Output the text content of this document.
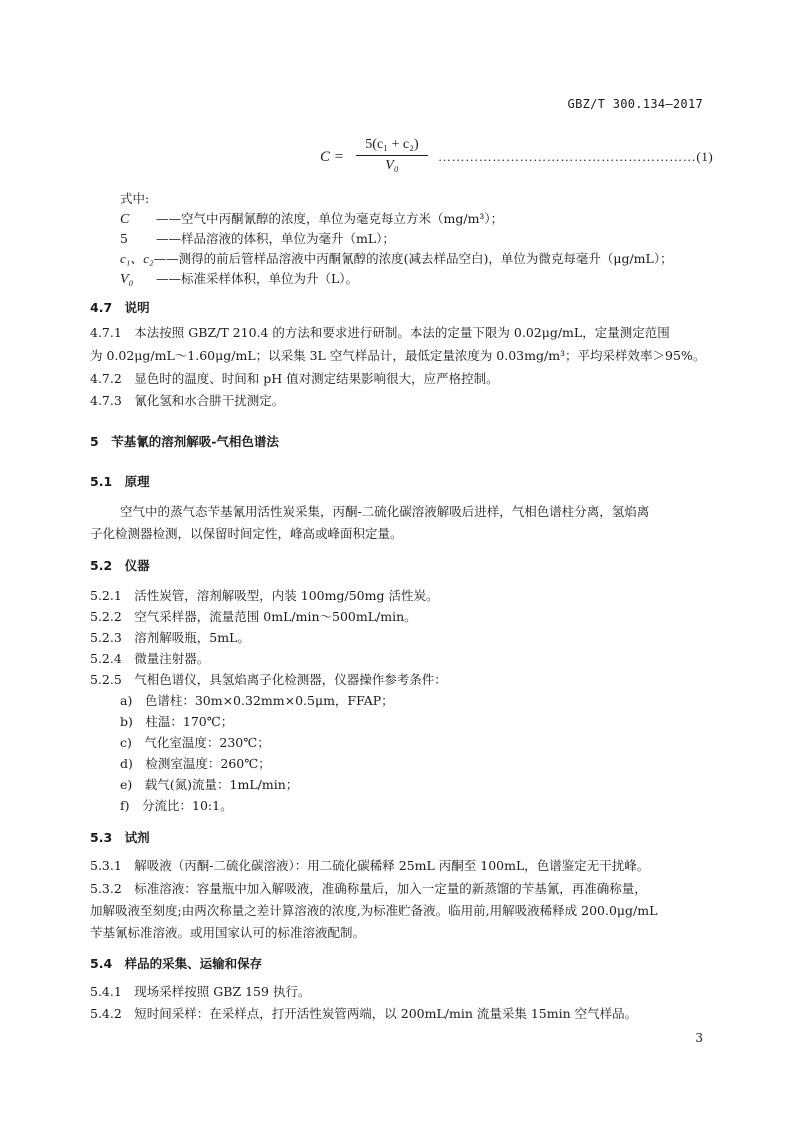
GBZ/T 300.134—2017
C =
5(c₁ + c₂)
V₀
…………………………………………………(1)
式中:
C ——空气中丙酮氰醇的浓度，单位为毫克每立方米（mg/m³）；
5 ——样品溶液的体积，单位为毫升（mL）；
c₁、c₂——测得的前后管样品溶液中丙酮氰醇的浓度(减去样品空白)，单位为微克每毫升（μg/mL）；
V₀ ——标准采样体积，单位为升（L）。
4.7　说明
4.7.1　本法按照 GBZ/T 210.4 的方法和要求进行研制。本法的定量下限为 0.02μg/mL，定量测定范围
为 0.02μg/mL～1.60μg/mL；以采集 3L 空气样品计，最低定量浓度为 0.03mg/m³；平均采样效率＞95%。
4.7.2　显色时的温度、时间和 pH 值对测定结果影响很大，应严格控制。
4.7.3　氰化氢和水合肼干扰测定。
5　苄基氰的溶剂解吸-气相色谱法
5.1　原理
空气中的蒸气态苄基氰用活性炭采集，丙酮-二硫化碳溶液解吸后进样，气相色谱柱分离，氢焰离
子化检测器检测，以保留时间定性，峰高或峰面积定量。
5.2　仪器
5.2.1　活性炭管，溶剂解吸型，内装 100mg/50mg 活性炭。
5.2.2　空气采样器，流量范围 0mL/min～500mL/min。
5.2.3　溶剂解吸瓶，5mL。
5.2.4　微量注射器。
5.2.5　气相色谱仪，具氢焰离子化检测器，仪器操作参考条件：
a)　色谱柱：30m×0.32mm×0.5μm，FFAP；
b)　柱温：170℃；
c)　气化室温度：230℃；
d)　检测室温度：260℃；
e)　载气(氮)流量：1mL/min；
f)　分流比：10:1。
5.3　试剂
5.3.1　解吸液（丙酮-二硫化碳溶液）：用二硫化碳稀释 25mL 丙酮至 100mL，色谱鉴定无干扰峰。
5.3.2　标准溶液：容量瓶中加入解吸液，准确称量后，加入一定量的新蒸馏的苄基氰，再准确称量，
加解吸液至刻度;由两次称量之差计算溶液的浓度,为标准贮备液。临用前,用解吸液稀释成 200.0μg/mL
苄基氰标准溶液。或用国家认可的标准溶液配制。
5.4　样品的采集、运输和保存
5.4.1　现场采样按照 GBZ 159 执行。
5.4.2　短时间采样：在采样点，打开活性炭管两端，以 200mL/min 流量采集 15min 空气样品。
3
